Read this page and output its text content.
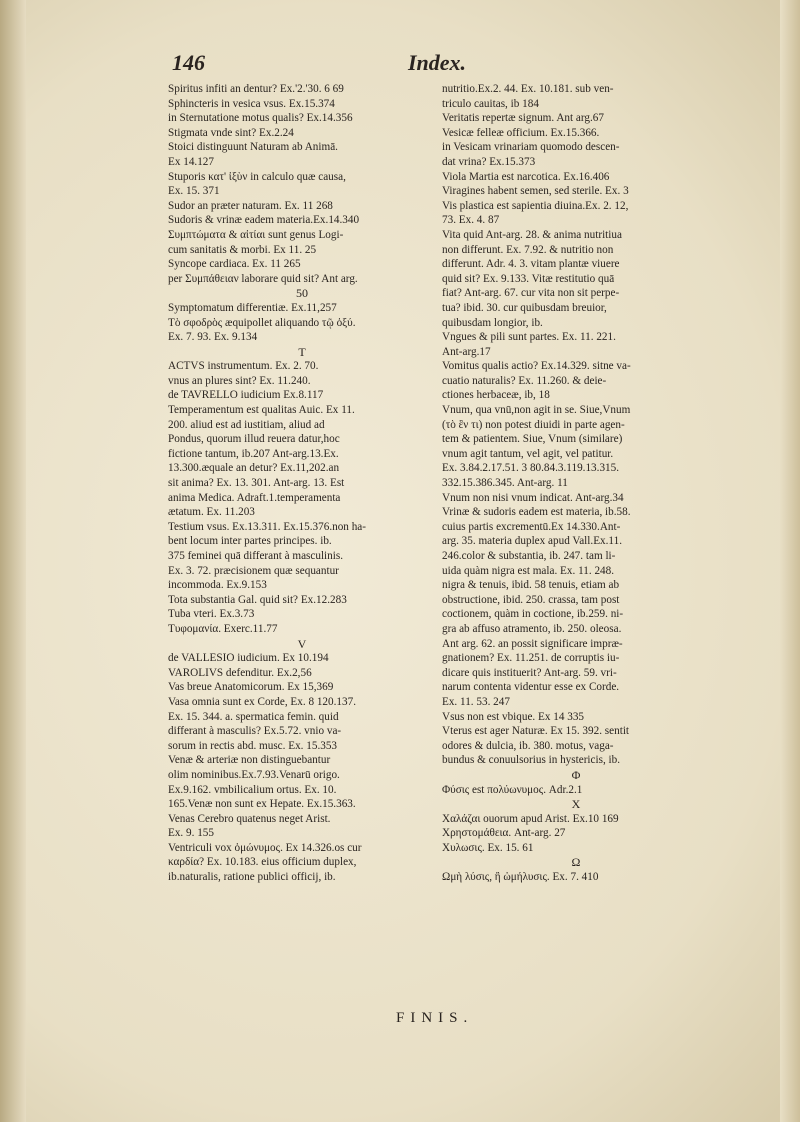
146	Index.
Spiritus infiti an dentur? Ex.'2.'30. 6 69
Sphincteris in vesica vsus. Ex.15.374
in Sternutatione motus qualis? Ex.14.356
Stigmata vnde sint? Ex.2.24
Stoici distinguunt Naturam ab Animā.
Ex 14.127
Stuporis κατ' ἰξὺν in calculo quæ causa,
Ex. 15. 371
Sudor an præter naturam. Ex. 11 268
Sudoris & vrinæ eadem materia.Ex.14.340
Συμπτώματα & αἰτίαι sunt genus Logi-
cum sanitatis & morbi. Ex 11. 25
Syncope cardiaca. Ex. 11 265
per Συμπάθειαν laborare quid sit? Ant arg.
50
Symptomatum differentiæ. Ex.11,257
Τὸ σφοδρὸς æquipollet aliquando τῷ ὀξύ.
Ex. 7. 93. Ex. 9.134
T
ACTVS instrumentum. Ex. 2. 70.
vnus an plures sint? Ex. 11.240.
de TAVRELLO iudicium Ex.8.117
Temperamentum est qualitas Auic. Ex 11.
200. aliud est ad iustitiam, aliud ad
Pondus, quorum illud reuera datur,hoc
fictione tantum, ib.207 Ant-arg.13.Ex.
13.300.æquale an detur? Ex.11,202.an
sit anima? Ex. 13. 301. Ant-arg. 13. Est
anima Medica. Adraft.1.temperamenta
ætatum. Ex. 11.203
Testium vsus. Ex.13.311. Ex.15.376.non ha-
bent locum inter partes principes. ib.
375 feminei quā differant à masculinis.
Ex. 3. 72. præcisionem quæ sequantur
incommoda. Ex.9.153
Tota substantia Gal. quid sit? Ex.12.283
Tuba vteri. Ex.3.73
Τυφομανία. Exerc.11.77
V
de VALLESIO iudicium. Ex 10.194
VAROLIVS defenditur. Ex.2,56
Vas breue Anatomicorum. Ex 15,369
Vasa omnia sunt ex Corde, Ex. 8 120.137.
Ex. 15. 344. a. spermatica femin. quid
differant à masculis? Ex.5.72. vnio va-
sorum in rectis abd. musc. Ex. 15.353
Venæ & arteriæ non distinguebantur
olim nominibus.Ex.7.93.Venarū origo.
Ex.9.162. vmbilicalium ortus. Ex. 10.
165.Venæ non sunt ex Hepate. Ex.15.363.
Venas Cerebro quatenus neget Arist.
Ex. 9. 155
Ventriculi vox ὁμώνυμος. Ex 14.326.os cur
καρδία? Ex. 10.183. eius officium duplex,
ib.naturalis, ratione publici officij, ib.
nutritio.Ex.2. 44. Ex. 10.181. sub ven-
triculo cauitas, ib 184
Veritatis repertæ signum. Ant arg.67
Vesicæ felleæ officium. Ex.15.366.
in Vesicam vrinariam quomodo descen-
dat vrina? Ex.15.373
Viola Martia est narcotica. Ex.16.406
Viragines habent semen, sed sterile. Ex. 3
Vis plastica est sapientia diuina.Ex. 2. 12,
73. Ex. 4. 87
Vita quid Ant-arg. 28. & anima nutritiua
non differunt. Ex. 7.92. & nutritio non
differunt. Adr. 4. 3. vitam plantæ viuere
quid sit? Ex. 9.133. Vitæ restitutio quā
fiat? Ant-arg. 67. cur vita non sit perpe-
tua? ibid. 30. cur quibusdam breuior,
quibusdam longior, ib.
Vngues & pili sunt partes. Ex. 11. 221.
Ant-arg.17
Vomitus qualis actio? Ex.14.329. sitne va-
cuatio naturalis? Ex. 11.260. & deie-
ctiones herbaceæ, ib, 18
Vnum, qua vnū,non agit in se. Siue,Vnum
(τὸ ἓν τι) non potest diuidi in parte agen-
tem & patientem. Siue, Vnum (similare)
vnum agit tantum, vel agit, vel patitur.
Ex. 3.84.2.17.51. 3 80.84.3.119.13.315.
332.15.386.345. Ant-arg. 11
Vnum non nisi vnum indicat. Ant-arg.34
Vrinæ & sudoris eadem est materia, ib.58.
cuius partis excrementū.Ex 14.330.Ant-
arg. 35. materia duplex apud Vall.Ex.11.
246.color & substantia, ib. 247. tam li-
uida quàm nigra est mala. Ex. 11. 248.
nigra & tenuis, ibid. 58 tenuis, etiam ab
obstructione, ibid. 250. crassa, tam post
coctionem, quàm in coctione, ib.259. ni-
gra ab affuso atramento, ib. 250. oleosa.
Ant arg. 62. an possit significare impræ-
gnationem? Ex. 11.251. de corruptis iu-
dicare quis instituerit? Ant-arg. 59. vri-
narum contenta videntur esse ex Corde.
Ex. 11. 53. 247
Vsus non est vbique. Ex 14 335
Vterus est ager Naturæ. Ex 15. 392. sentit
odores & dulcia, ib. 380. motus, vaga-
bundus & conuulsorius in hystericis, ib.
Φ
Φύσις est πολύωνυμος. Adr.2.1
X
Χαλάζαι ouorum apud Arist. Ex.10 169
Χρηστομάθεια. Ant-arg. 27
Χυλωσις. Ex. 15. 61
Ω
Ωμὴ λύσις, ἢ ὠμήλυσις. Ex. 7. 410
FINIS.
